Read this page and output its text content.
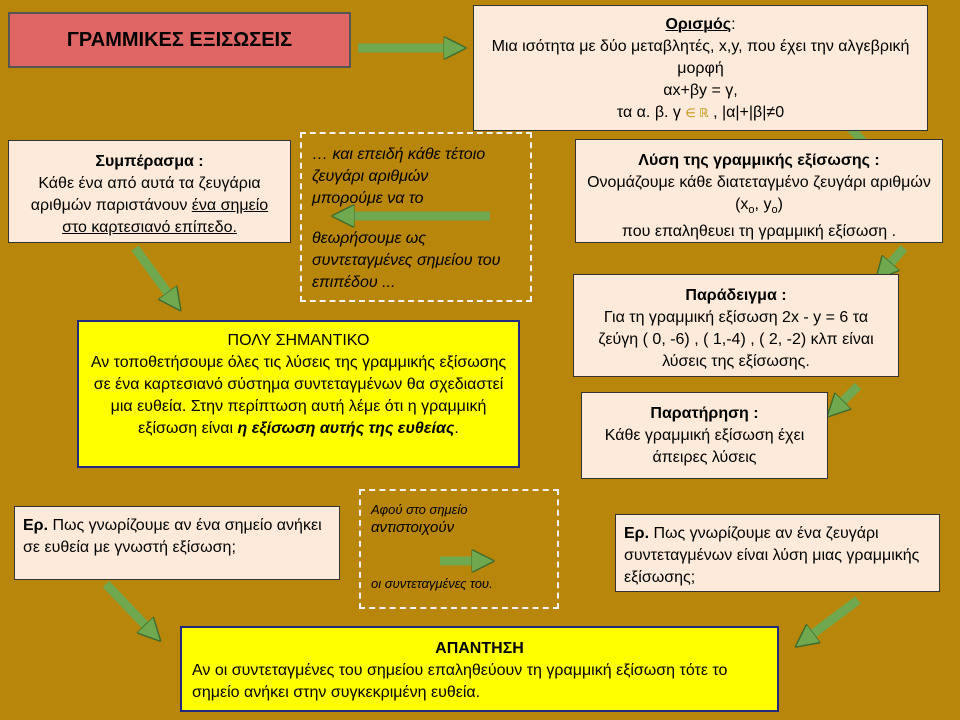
ΓΡΑΜΜΙΚΕΣ ΕΞΙΣΩΣΕΙΣ
Ορισμός:
Μια ισότητα με δύο μεταβλητές, x,y, που έχει την αλγεβρική μορφή
αx+βy = γ,
τα α. β. γ ∈ ℝ , |α|+|β|≠0
Λύση της γραμμικής εξίσωσης :
Ονομάζουμε κάθε διατεταγμένο ζευγάρι αριθμών ($x_o$, $y_o$)
που επαληθευει τη γραμμική εξίσωση .
Συμπέρασμα :
Κάθε ένα από αυτά τα ζευγάρια αριθμών παριστάνουν ένα σημείο στο καρτεσιανό επίπεδο.
… και επειδή κάθε τέτοιο ζευγάρι αριθμών μπορούμε να το
θεωρήσουμε ως συντεταγμένες σημείου του επιπέδου ...
Παράδειγμα :
Για τη γραμμική εξίσωση 2x - y = 6 τα ζεύγη ( 0, -6) , ( 1,-4) , ( 2, -2) κλπ είναι λύσεις της εξίσωσης.
ΠΟΛΥ ΣΗΜΑΝΤΙΚΟ
Αν τοποθετήσουμε όλες τις λύσεις της γραμμικής εξίσωσης σε ένα καρτεσιανό σύστημα συντεταγμένων θα σχεδιαστεί μια ευθεία. Στην περίπτωση αυτή λέμε ότι η γραμμική εξίσωση είναι η εξίσωση αυτής της ευθείας.
Παρατήρηση :
Κάθε γραμμική εξίσωση έχει άπειρες λύσεις
Ερ. Πως γνωρίζουμε αν ένα σημείο ανήκει σε ευθεία με γνωστή εξίσωση;
Αφού στο σημείο
αντιστοιχούν
οι συντεταγμένες του.
Ερ. Πως γνωρίζουμε αν ένα ζευγάρι συντεταγμένων είναι λύση μιας γραμμικής εξίσωσης;
ΑΠΑΝΤΗΣΗ
Αν οι συντεταγμένες του σημείου επαληθεύουν τη γραμμική εξίσωση τότε το σημείο ανήκει στην συγκεκριμένη ευθεία.
